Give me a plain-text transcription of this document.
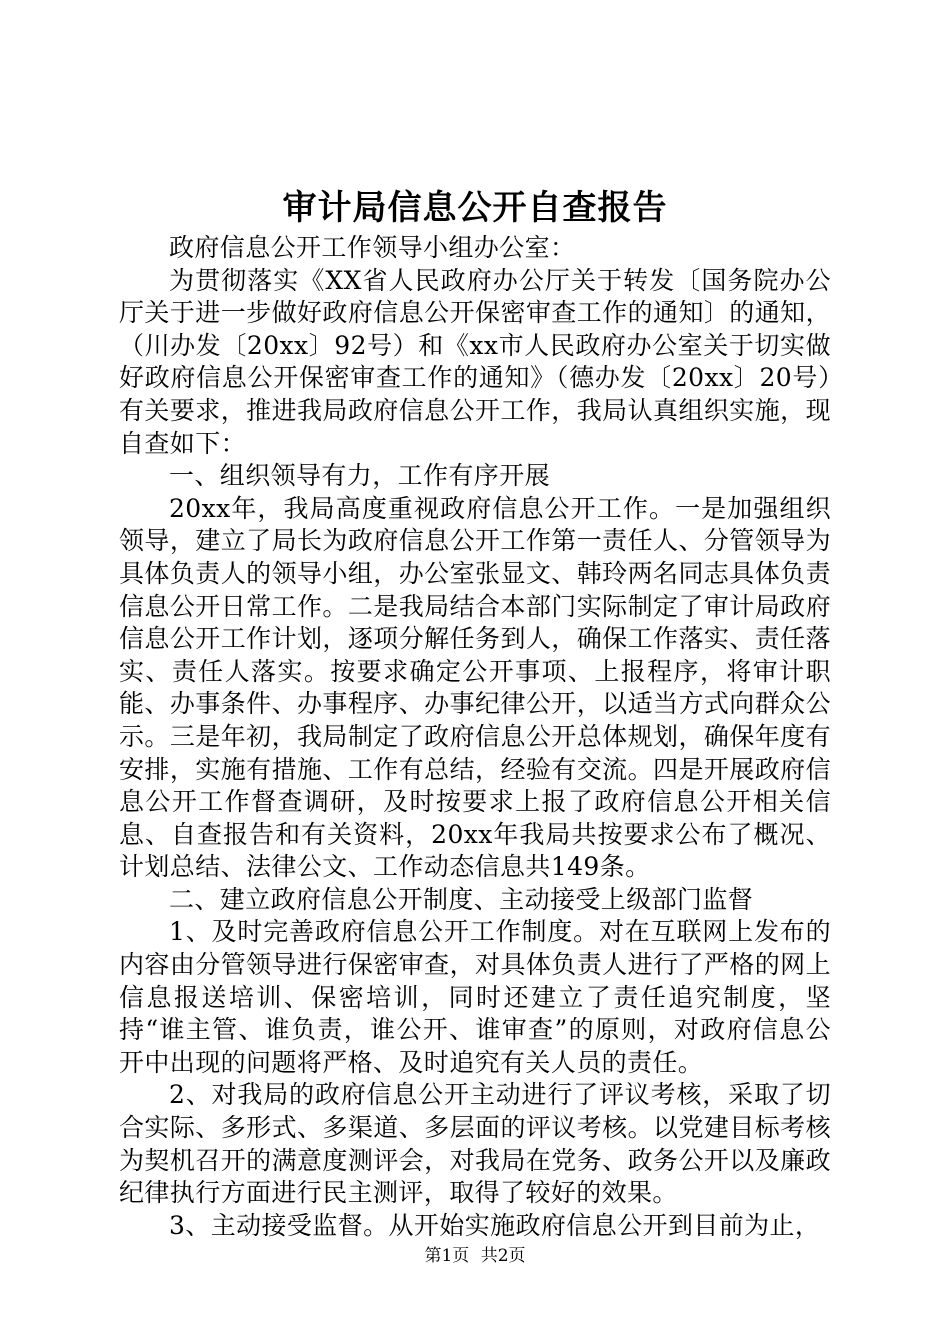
审计局信息公开自查报告

政府信息公开工作领导小组办公室：

为贯彻落实《XX省人民政府办公厅关于转发〔国务院办公厅关于进一步做好政府信息公开保密审查工作的通知〕的通知，（川办发〔20xx〕92号）和《xx市人民政府办公室关于切实做好政府信息公开保密审查工作的通知》（德办发〔20xx〕20号）有关要求，推进我局政府信息公开工作，我局认真组织实施，现自查如下：

一、组织领导有力，工作有序开展

20xx年，我局高度重视政府信息公开工作。一是加强组织领导，建立了局长为政府信息公开工作第一责任人、分管领导为具体负责人的领导小组，办公室张显文、韩玲两名同志具体负责信息公开日常工作。二是我局结合本部门实际制定了审计局政府信息公开工作计划，逐项分解任务到人，确保工作落实、责任落实、责任人落实。按要求确定公开事项、上报程序，将审计职能、办事条件、办事程序、办事纪律公开，以适当方式向群众公示。三是年初，我局制定了政府信息公开总体规划，确保年度有安排，实施有措施、工作有总结，经验有交流。四是开展政府信息公开工作督查调研，及时按要求上报了政府信息公开相关信息、自查报告和有关资料，20xx年我局共按要求公布了概况、计划总结、法律公文、工作动态信息共149条。

二、建立政府信息公开制度、主动接受上级部门监督

1、及时完善政府信息公开工作制度。对在互联网上发布的内容由分管领导进行保密审查，对具体负责人进行了严格的网上信息报送培训、保密培训，同时还建立了责任追究制度，坚持“谁主管、谁负责，谁公开、谁审查”的原则，对政府信息公开中出现的问题将严格、及时追究有关人员的责任。

2、对我局的政府信息公开主动进行了评议考核，采取了切合实际、多形式、多渠道、多层面的评议考核。以党建目标考核为契机召开的满意度测评会，对我局在党务、政务公开以及廉政纪律执行方面进行民主测评，取得了较好的效果。

3、主动接受监督。从开始实施政府信息公开到目前为止，

第1页 共2页
